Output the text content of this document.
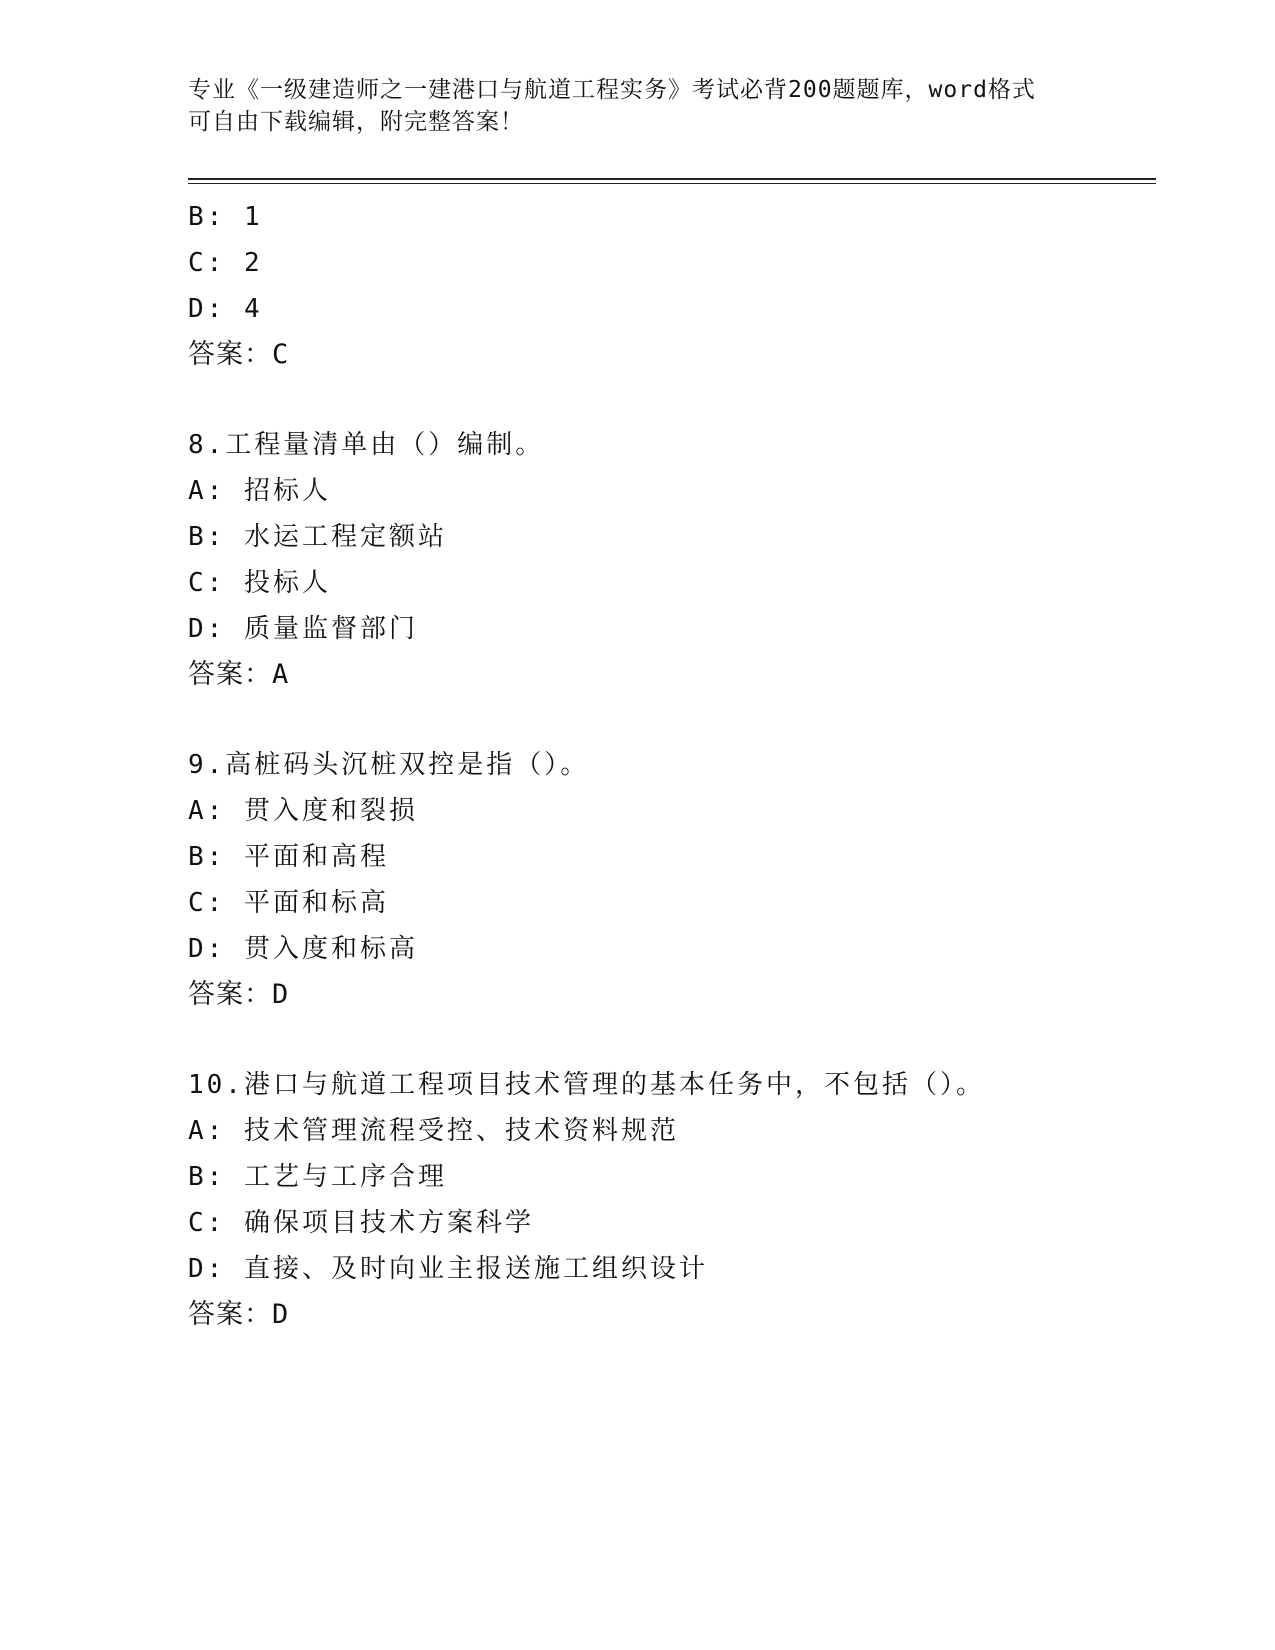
专业《一级建造师之一建港口与航道工程实务》考试必背200题题库，word格式
可自由下载编辑，附完整答案！
B: 1
C: 2
D: 4
答案：C
8.工程量清单由（）编制。
A: 招标人
B: 水运工程定额站
C: 投标人
D: 质量监督部门
答案：A
9.高桩码头沉桩双控是指（）。
A: 贯入度和裂损
B: 平面和高程
C: 平面和标高
D: 贯入度和标高
答案：D
10.港口与航道工程项目技术管理的基本任务中，不包括（）。
A: 技术管理流程受控、技术资料规范
B: 工艺与工序合理
C: 确保项目技术方案科学
D: 直接、及时向业主报送施工组织设计
答案：D
